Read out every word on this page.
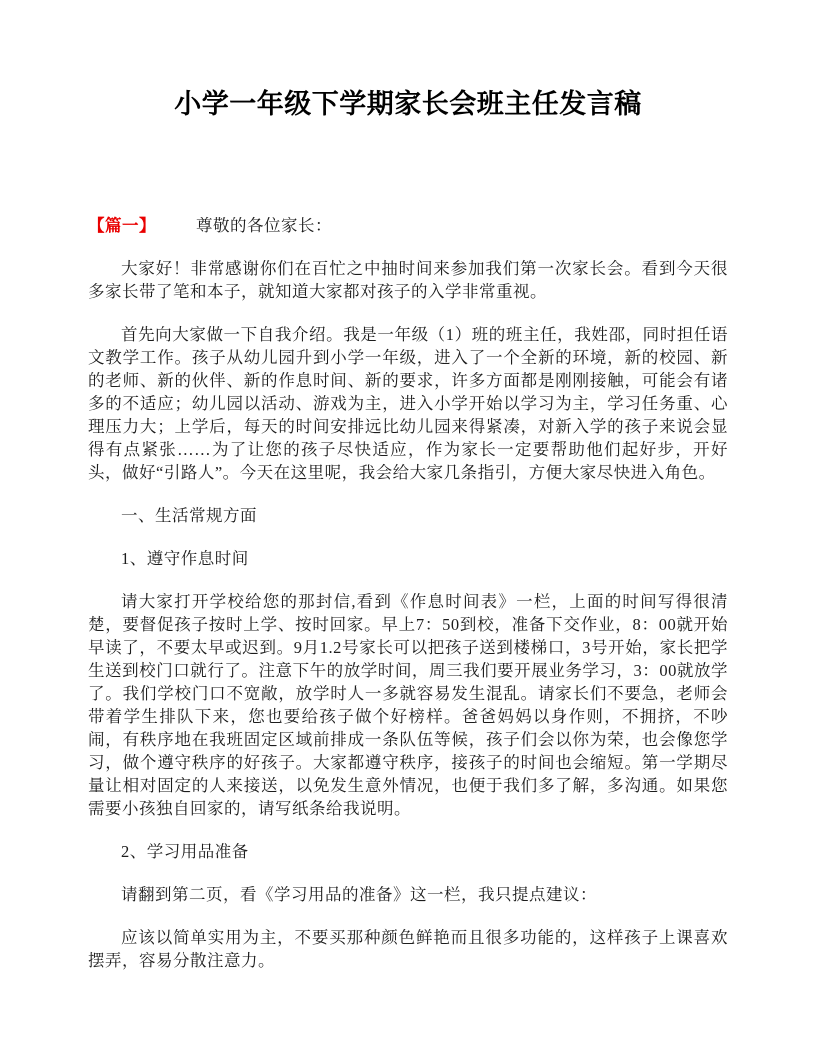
小学一年级下学期家长会班主任发言稿

【篇一】 尊敬的各位家长：

大家好！非常感谢你们在百忙之中抽时间来参加我们第一次家长会。看到今天很多家长带了笔和本子，就知道大家都对孩子的入学非常重视。

首先向大家做一下自我介绍。我是一年级（1）班的班主任，我姓邵，同时担任语文教学工作。孩子从幼儿园升到小学一年级，进入了一个全新的环境，新的校园、新的老师、新的伙伴、新的作息时间、新的要求，许多方面都是刚刚接触，可能会有诸多的不适应；幼儿园以活动、游戏为主，进入小学开始以学习为主，学习任务重、心理压力大；上学后，每天的时间安排远比幼儿园来得紧凑，对新入学的孩子来说会显得有点紧张……为了让您的孩子尽快适应，作为家长一定要帮助他们起好步，开好头，做好“引路人”。今天在这里呢，我会给大家几条指引，方便大家尽快进入角色。

一、生活常规方面

1、遵守作息时间

请大家打开学校给您的那封信,看到《作息时间表》一栏，上面的时间写得很清楚，要督促孩子按时上学、按时回家。早上7：50到校，准备下交作业，8：00就开始早读了，不要太早或迟到。9月1.2号家长可以把孩子送到楼梯口，3号开始，家长把学生送到校门口就行了。注意下午的放学时间，周三我们要开展业务学习，3：00就放学了。我们学校门口不宽敞，放学时人一多就容易发生混乱。请家长们不要急，老师会带着学生排队下来，您也要给孩子做个好榜样。爸爸妈妈以身作则，不拥挤，不吵闹，有秩序地在我班固定区域前排成一条队伍等候，孩子们会以你为荣，也会像您学习，做个遵守秩序的好孩子。大家都遵守秩序，接孩子的时间也会缩短。第一学期尽量让相对固定的人来接送，以免发生意外情况，也便于我们多了解，多沟通。如果您需要小孩独自回家的，请写纸条给我说明。

2、学习用品准备

请翻到第二页，看《学习用品的准备》这一栏，我只提点建议：

应该以简单实用为主，不要买那种颜色鲜艳而且很多功能的，这样孩子上课喜欢摆弄，容易分散注意力。
